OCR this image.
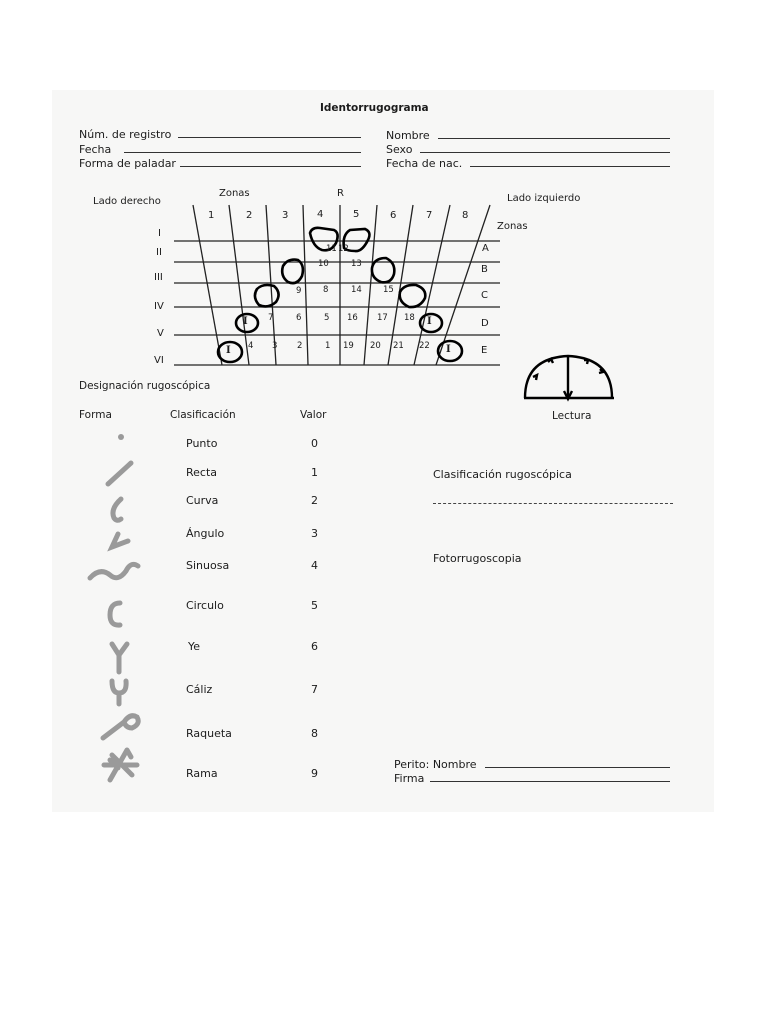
Identorrugograma
Núm. de registro
Fecha
Forma de paladar
Nombre
Sexo
Fecha de nac.
Lado derecho	Lado izquierdo
Zonas
Zonas
R
1	2	3	4	5	6	7	8
I
II
III
IV
V
VI
A
B
C
D
E
11 12
10	13
9	8	14 15
7	6	5 16 17 18
4 3 2	1 19 20 21 22
I	I
I	I
Designación rugoscópica
Lectura
Forma	Clasificación	Valor
Punto	0
Recta	1
Curva	2
Ángulo	3
Sinuosa	4
Circulo	5
Ye	6
Cáliz	7
Raqueta	8
Rama	9
Clasificación rugoscópica
Fotorrugoscopia
Perito: Nombre
Firma
